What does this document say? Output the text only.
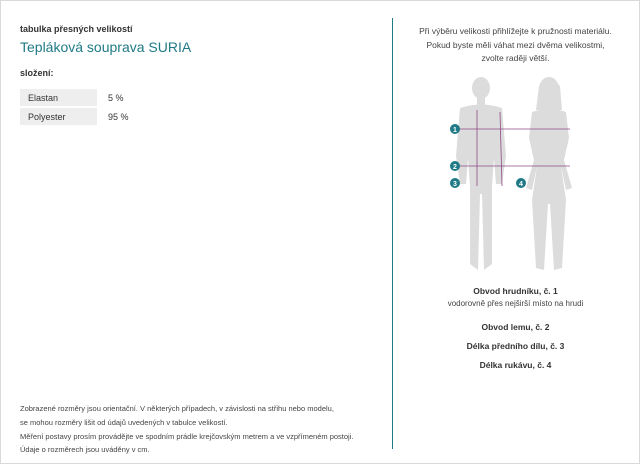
tabulka přesných velikostí
Tepláková souprava SURIA
složení:
Elastan	5 %
Polyester	95 %
Zobrazené rozměry jsou orientační. V některých případech, v závislosti na střihu nebo modelu,
se mohou rozměry lišit od údajů uvedených v tabulce velikostí.
Měření postavy prosím provádějte ve spodním prádle krejčovským metrem a ve vzpřímeném postoji.
Údaje o rozměrech jsou uváděny v cm.
Při výběru velikosti přihlížejte k pružnosti materiálu.
Pokud byste měli váhat mezi dvěma velikostmi,
zvolte raději větší.
1
2
3	4
Obvod hrudníku, č. 1
vodorovně přes nejširší místo na hrudi
Obvod lemu, č. 2
Délka předního dílu, č. 3
Délka rukávu, č. 4
